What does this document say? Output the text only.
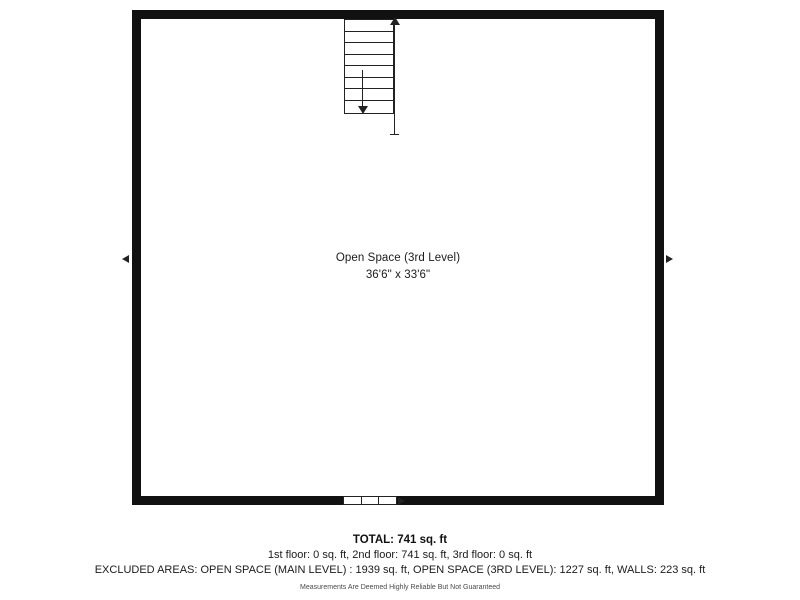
Open Space (3rd Level)
36'6" x 33'6"
TOTAL: 741 sq. ft
1st floor: 0 sq. ft, 2nd floor: 741 sq. ft, 3rd floor: 0 sq. ft
EXCLUDED AREAS: OPEN SPACE (MAIN LEVEL) : 1939 sq. ft, OPEN SPACE (3RD LEVEL): 1227 sq. ft, WALLS: 223 sq. ft
Measurements Are Deemed Highly Reliable But Not Guaranteed
